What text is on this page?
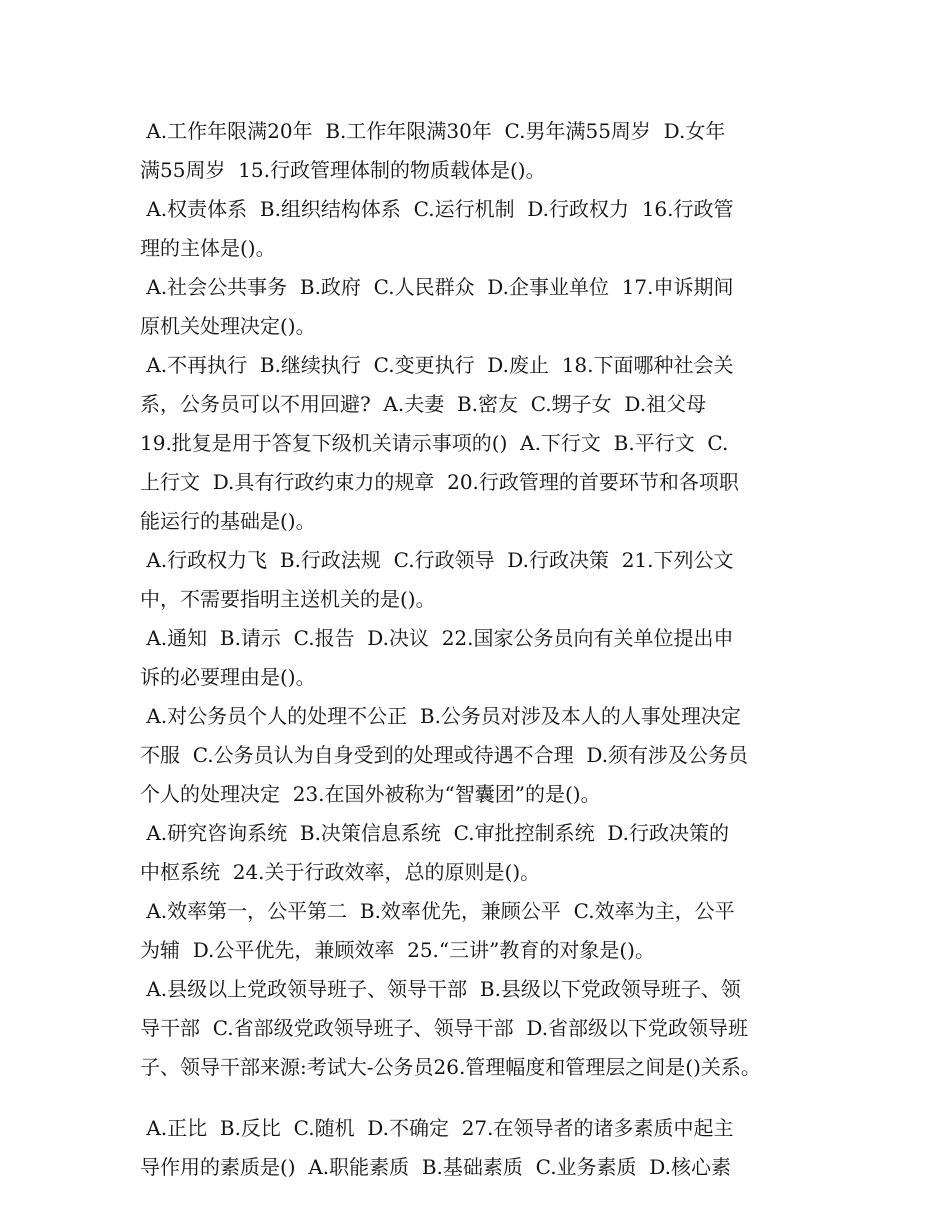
A.工作年限满20年  B.工作年限满30年  C.男年满55周岁  D.女年
满55周岁  15.行政管理体制的物质载体是()。
A.权责体系  B.组织结构体系  C.运行机制  D.行政权力  16.行政管
理的主体是()。
A.社会公共事务  B.政府  C.人民群众  D.企事业单位  17.申诉期间
原机关处理决定()。
A.不再执行  B.继续执行  C.变更执行  D.废止  18.下面哪种社会关
系，公务员可以不用回避?  A.夫妻  B.密友  C.甥子女  D.祖父母
19.批复是用于答复下级机关请示事项的()  A.下行文  B.平行文  C.
上行文  D.具有行政约束力的规章  20.行政管理的首要环节和各项职
能运行的基础是()。
A.行政权力飞  B.行政法规  C.行政领导  D.行政决策  21.下列公文
中，不需要指明主送机关的是()。
A.通知  B.请示  C.报告  D.决议  22.国家公务员向有关单位提出申
诉的必要理由是()。
A.对公务员个人的处理不公正  B.公务员对涉及本人的人事处理决定
不服  C.公务员认为自身受到的处理或待遇不合理  D.须有涉及公务员
个人的处理决定  23.在国外被称为“智囊团”的是()。
A.研究咨询系统  B.决策信息系统  C.审批控制系统  D.行政决策的
中枢系统  24.关于行政效率，总的原则是()。
A.效率第一，公平第二  B.效率优先，兼顾公平  C.效率为主，公平
为辅  D.公平优先，兼顾效率  25.“三讲”教育的对象是()。
A.县级以上党政领导班子、领导干部  B.县级以下党政领导班子、领
导干部  C.省部级党政领导班子、领导干部  D.省部级以下党政领导班
子、领导干部来源:考试大-公务员26.管理幅度和管理层之间是()关系。
A.正比  B.反比  C.随机  D.不确定  27.在领导者的诸多素质中起主
导作用的素质是()  A.职能素质  B.基础素质  C.业务素质  D.核心素
